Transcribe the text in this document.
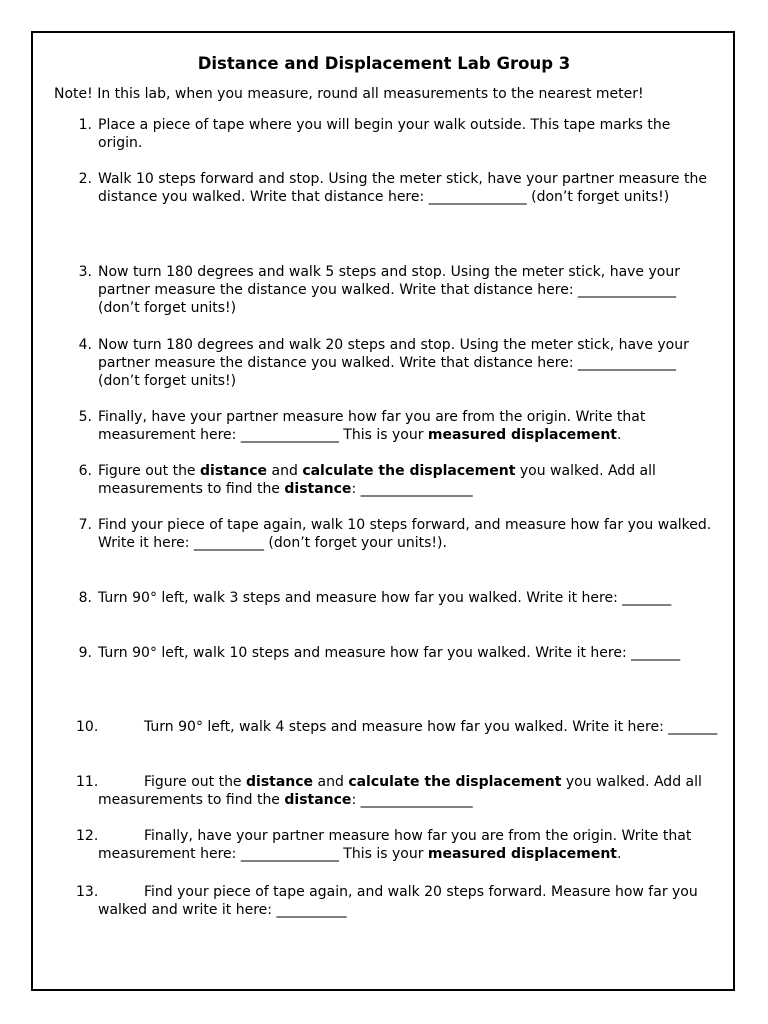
Distance and Displacement Lab Group 3
Note! In this lab, when you measure, round all measurements to the nearest meter!
1. Place a piece of tape where you will begin your walk outside. This tape marks the origin.
2. Walk 10 steps forward and stop. Using the meter stick, have your partner measure the distance you walked. Write that distance here: ______________ (don’t forget units!)
3. Now turn 180 degrees and walk 5 steps and stop. Using the meter stick, have your partner measure the distance you walked. Write that distance here: ______________ (don’t forget units!)
4. Now turn 180 degrees and walk 20 steps and stop. Using the meter stick, have your partner measure the distance you walked. Write that distance here: ______________ (don’t forget units!)
5. Finally, have your partner measure how far you are from the origin. Write that measurement here: ______________ This is your measured displacement.
6. Figure out the distance and calculate the displacement you walked. Add all measurements to find the distance: ________________
7. Find your piece of tape again, walk 10 steps forward, and measure how far you walked. Write it here: __________ (don’t forget your units!).
8. Turn 90° left, walk 3 steps and measure how far you walked. Write it here: _______
9. Turn 90° left, walk 10 steps and measure how far you walked. Write it here: _______
10.	Turn 90° left, walk 4 steps and measure how far you walked. Write it here: _______
11.	Figure out the distance and calculate the displacement you walked. Add all measurements to find the distance: ________________
12.	Finally, have your partner measure how far you are from the origin. Write that measurement here: ______________ This is your measured displacement.
13.	Find your piece of tape again, and walk 20 steps forward. Measure how far you walked and write it here: __________
